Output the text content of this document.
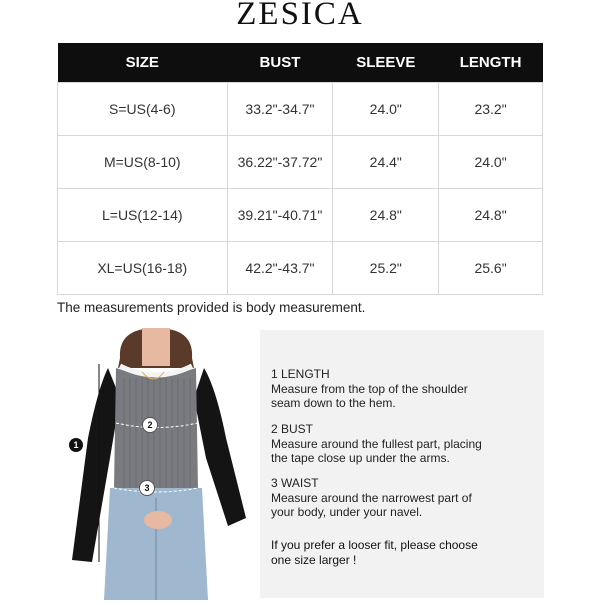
ZESICA
SIZE	BUST	SLEEVE	LENGTH
S=US(4-6)	33.2"-34.7"	24.0"	23.2"
M=US(8-10)	36.22"-37.72"	24.4"	24.0"
L=US(12-14)	39.21"-40.71"	24.8"	24.8"
XL=US(16-18)	42.2"-43.7"	25.2"	25.6"
The measurements provided is body measurement.
1
2
3
1 LENGTH
Measure from the top of the shoulder
seam down to the hem.
2 BUST
Measure around the fullest part, placing
the tape close up under the arms.
3 WAIST
Measure around the narrowest part of
your body, under your navel.
If you prefer a looser fit, please choose
one size larger !
